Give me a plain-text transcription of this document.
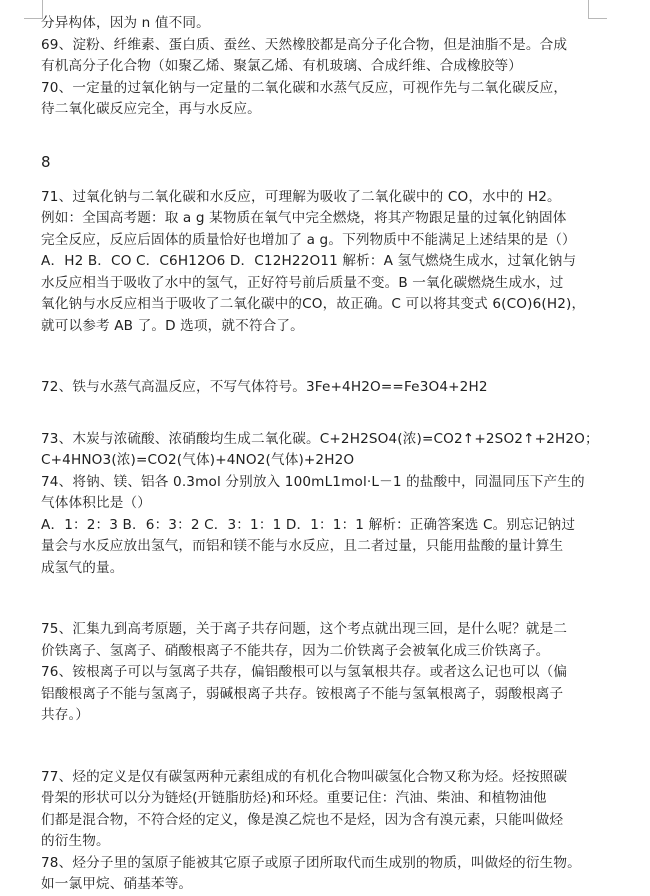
分异构体，因为 n 值不同。
69、淀粉、纤维素、蛋白质、蚕丝、天然橡胶都是高分子化合物，但是油脂不是。合成
有机高分子化合物（如聚乙烯、聚氯乙烯、有机玻璃、合成纤维、合成橡胶等）
70、一定量的过氧化钠与一定量的二氧化碳和水蒸气反应，可视作先与二氧化碳反应，
待二氧化碳反应完全，再与水反应。
8
71、过氧化钠与二氧化碳和水反应，可理解为吸收了二氧化碳中的 CO，水中的 H2。
例如：全国高考题：取 a g 某物质在氧气中完全燃烧，将其产物跟足量的过氧化钠固体
完全反应，反应后固体的质量恰好也增加了 a g。下列物质中不能满足上述结果的是（）
A．H2 B．CO C．C6H12O6 D．C12H22O11 解析：A 氢气燃烧生成水，过氧化钠与
水反应相当于吸收了水中的氢气，正好符号前后质量不变。B 一氧化碳燃烧生成水，过
氧化钠与水反应相当于吸收了二氧化碳中的CO，故正确。C 可以将其变式 6(CO)6(H2)，
就可以参考 AB 了。D 选项，就不符合了。
72、铁与水蒸气高温反应，不写气体符号。3Fe+4H2O==Fe3O4+2H2
73、木炭与浓硫酸、浓硝酸均生成二氧化碳。C+2H2SO4(浓)=CO2↑+2SO2↑+2H2O；
C+4HNO3(浓)=CO2(气体)+4NO2(气体)+2H2O
74、将钠、镁、铝各 0.3mol 分别放入 100mL1mol·L－1 的盐酸中，同温同压下产生的
气体体积比是（）
A．1：2：3 B．6：3：2 C．3：1：1 D．1：1：1 解析：正确答案选 C。别忘记钠过
量会与水反应放出氢气，而铝和镁不能与水反应，且二者过量，只能用盐酸的量计算生
成氢气的量。
75、汇集九到高考原题，关于离子共存问题，这个考点就出现三回，是什么呢？就是二
价铁离子、氢离子、硝酸根离子不能共存，因为二价铁离子会被氧化成三价铁离子。
76、铵根离子可以与氢离子共存，偏铝酸根可以与氢氧根共存。或者这么记也可以（偏
铝酸根离子不能与氢离子，弱碱根离子共存。铵根离子不能与氢氧根离子，弱酸根离子
共存。）
77、烃的定义是仅有碳氢两种元素组成的有机化合物叫碳氢化合物又称为烃。烃按照碳
骨架的形状可以分为链烃(开链脂肪烃)和环烃。重要记住：汽油、柴油、和植物油他
们都是混合物，不符合烃的定义，像是溴乙烷也不是烃，因为含有溴元素，只能叫做烃
的衍生物。
78、烃分子里的氢原子能被其它原子或原子团所取代而生成别的物质，叫做烃的衍生物。
如一氯甲烷、硝基苯等。
